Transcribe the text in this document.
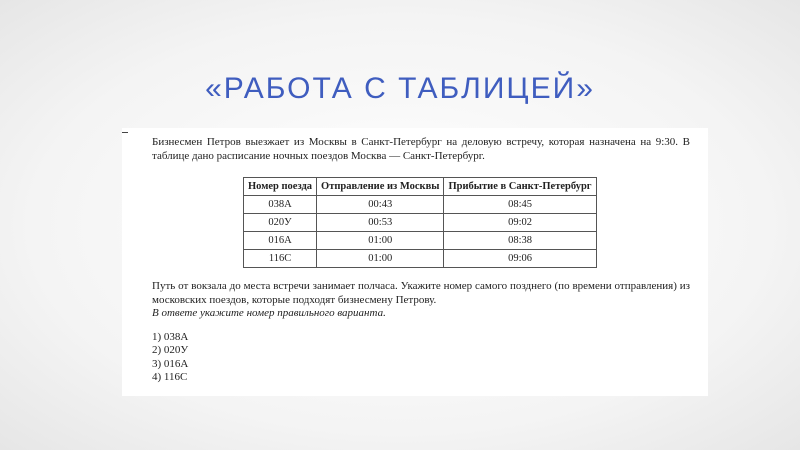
«РАБОТА С ТАБЛИЦЕЙ»

Бизнесмен Петров выезжает из Москвы в Санкт-Петербург на деловую встречу, которая назначена на 9:30. В таблице дано расписание ночных поездов Москва — Санкт-Петербург.

Номер поезда	Отправление из Москвы	Прибытие в Санкт-Петербург
038А	00:43	08:45
020У	00:53	09:02
016А	01:00	08:38
116С	01:00	09:06

Путь от вокзала до места встречи занимает полчаса. Укажите номер самого позднего (по времени отправления) из московских поездов, которые подходят бизнесмену Петрову.

В ответе укажите номер правильного варианта.

1) 038А
2) 020У
3) 016А
4) 116С
